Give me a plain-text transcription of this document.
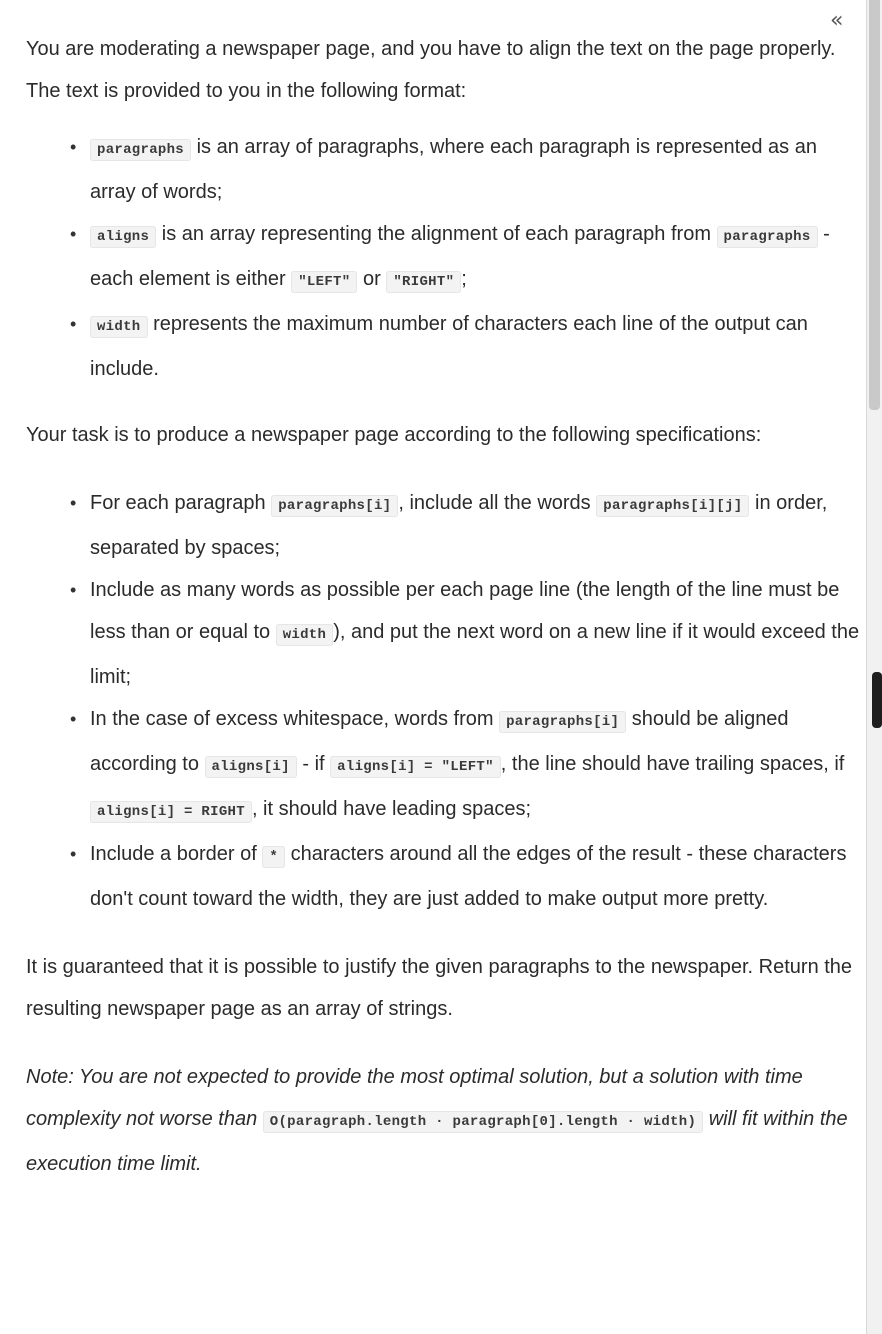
You are moderating a newspaper page, and you have to align the text on the page properly. The text is provided to you in the following format:

• paragraphs is an array of paragraphs, where each paragraph is represented as an array of words;
• aligns is an array representing the alignment of each paragraph from paragraphs - each element is either "LEFT" or "RIGHT" ;
• width represents the maximum number of characters each line of the output can include.

Your task is to produce a newspaper page according to the following specifications:

• For each paragraph paragraphs[i] , include all the words paragraphs[i][j] in order, separated by spaces;
• Include as many words as possible per each page line (the length of the line must be less than or equal to width ), and put the next word on a new line if it would exceed the limit;
• In the case of excess whitespace, words from paragraphs[i] should be aligned according to aligns[i] - if aligns[i] = "LEFT" , the line should have trailing spaces, if aligns[i] = RIGHT , it should have leading spaces;
• Include a border of * characters around all the edges of the result - these characters don't count toward the width, they are just added to make output more pretty.

It is guaranteed that it is possible to justify the given paragraphs to the newspaper. Return the resulting newspaper page as an array of strings.

Note: You are not expected to provide the most optimal solution, but a solution with time complexity not worse than O(paragraph.length · paragraph[0].length · width) will fit within the execution time limit.

«
